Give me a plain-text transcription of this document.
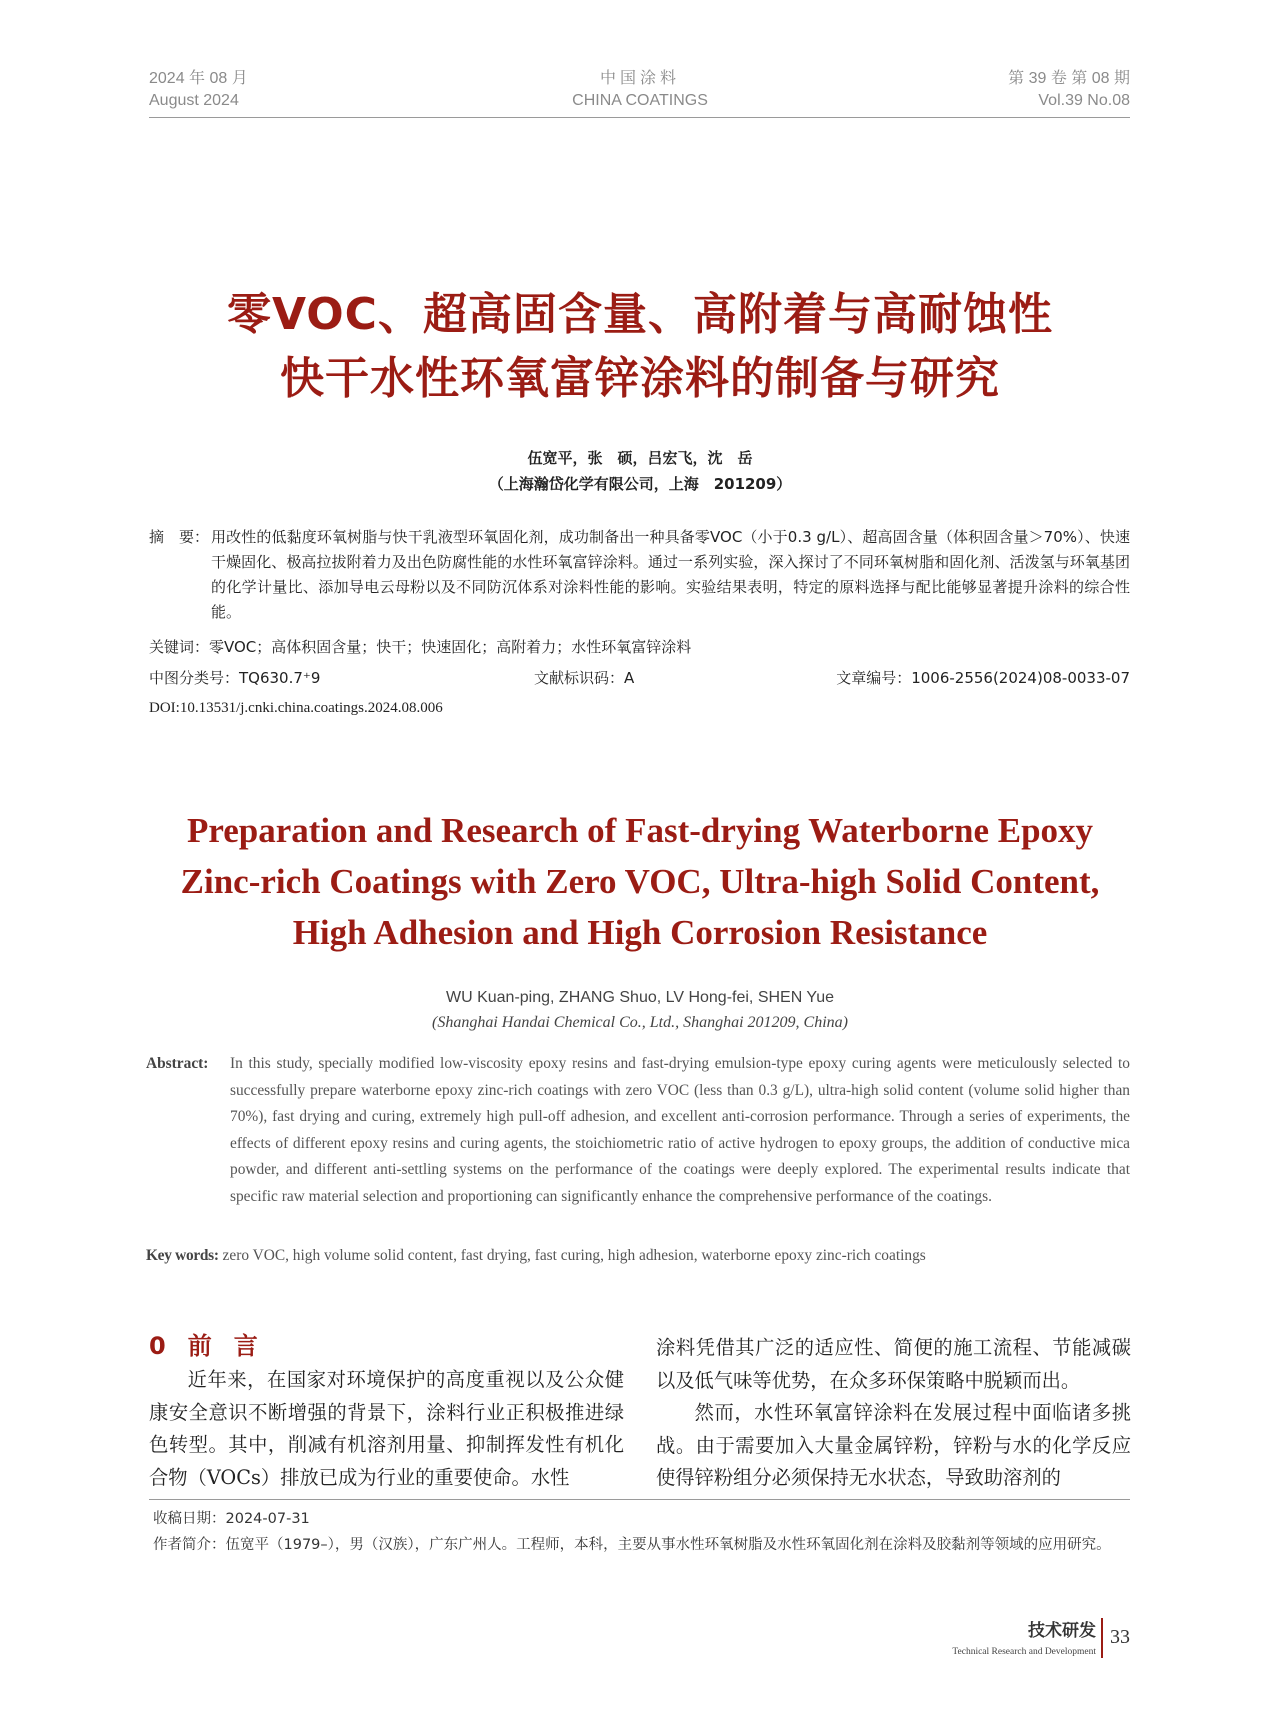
2024 年 08 月
August 2024
中国涂料
CHINA COATINGS
第 39 卷 第 08 期
Vol.39 No.08
零VOC、超高固含量、高附着与高耐蚀性
快干水性环氧富锌涂料的制备与研究
伍宽平，张　硕，吕宏飞，沈　岳
（上海瀚岱化学有限公司，上海　201209）
摘　要： 用改性的低黏度环氧树脂与快干乳液型环氧固化剂，成功制备出一种具备零VOC（小于0.3 g/L）、超高固含量（体积固含量＞70%）、快速干燥固化、极高拉拔附着力及出色防腐性能的水性环氧富锌涂料。通过一系列实验，深入探讨了不同环氧树脂和固化剂、活泼氢与环氧基团的化学计量比、添加导电云母粉以及不同防沉体系对涂料性能的影响。实验结果表明，特定的原料选择与配比能够显著提升涂料的综合性能。
关键词：零VOC；高体积固含量；快干；快速固化；高附着力；水性环氧富锌涂料
中图分类号：TQ630.7⁺9	文献标识码：A	文章编号：1006-2556(2024)08-0033-07
DOI:10.13531/j.cnki.china.coatings.2024.08.006
Preparation and Research of Fast-drying Waterborne Epoxy
Zinc-rich Coatings with Zero VOC, Ultra-high Solid Content,
High Adhesion and High Corrosion Resistance
WU Kuan-ping, ZHANG Shuo, LV Hong-fei, SHEN Yue
(Shanghai Handai Chemical Co., Ltd., Shanghai 201209, China)
Abstract: In this study, specially modified low-viscosity epoxy resins and fast-drying emulsion-type epoxy curing agents were meticulously selected to successfully prepare waterborne epoxy zinc-rich coatings with zero VOC (less than 0.3 g/L), ultra-high solid content (volume solid higher than 70%), fast drying and curing, extremely high pull-off adhesion, and excellent anti-corrosion performance. Through a series of experiments, the effects of different epoxy resins and curing agents, the stoichiometric ratio of active hydrogen to epoxy groups, the addition of conductive mica powder, and different anti-settling systems on the performance of the coatings were deeply explored. The experimental results indicate that specific raw material selection and proportioning can significantly enhance the comprehensive performance of the coatings.
Key words: zero VOC, high volume solid content, fast drying, fast curing, high adhesion, waterborne epoxy zinc-rich coatings
0 前言

近年来，在国家对环境保护的高度重视以及公众健康安全意识不断增强的背景下，涂料行业正积极推进绿色转型。其中，削减有机溶剂用量、抑制挥发性有机化合物（VOCs）排放已成为行业的重要使命。水性

涂料凭借其广泛的适应性、简便的施工流程、节能减碳以及低气味等优势，在众多环保策略中脱颖而出。

然而，水性环氧富锌涂料在发展过程中面临诸多挑战。由于需要加入大量金属锌粉，锌粉与水的化学反应使得锌粉组分必须保持无水状态，导致助溶剂的

收稿日期：2024-07-31

作者简介：伍宽平（1979–），男（汉族），广东广州人。工程师，本科，主要从事水性环氧树脂及水性环氧固化剂在涂料及胶黏剂等领域的应用研究。

技术研发
Technical Research and Development
33
